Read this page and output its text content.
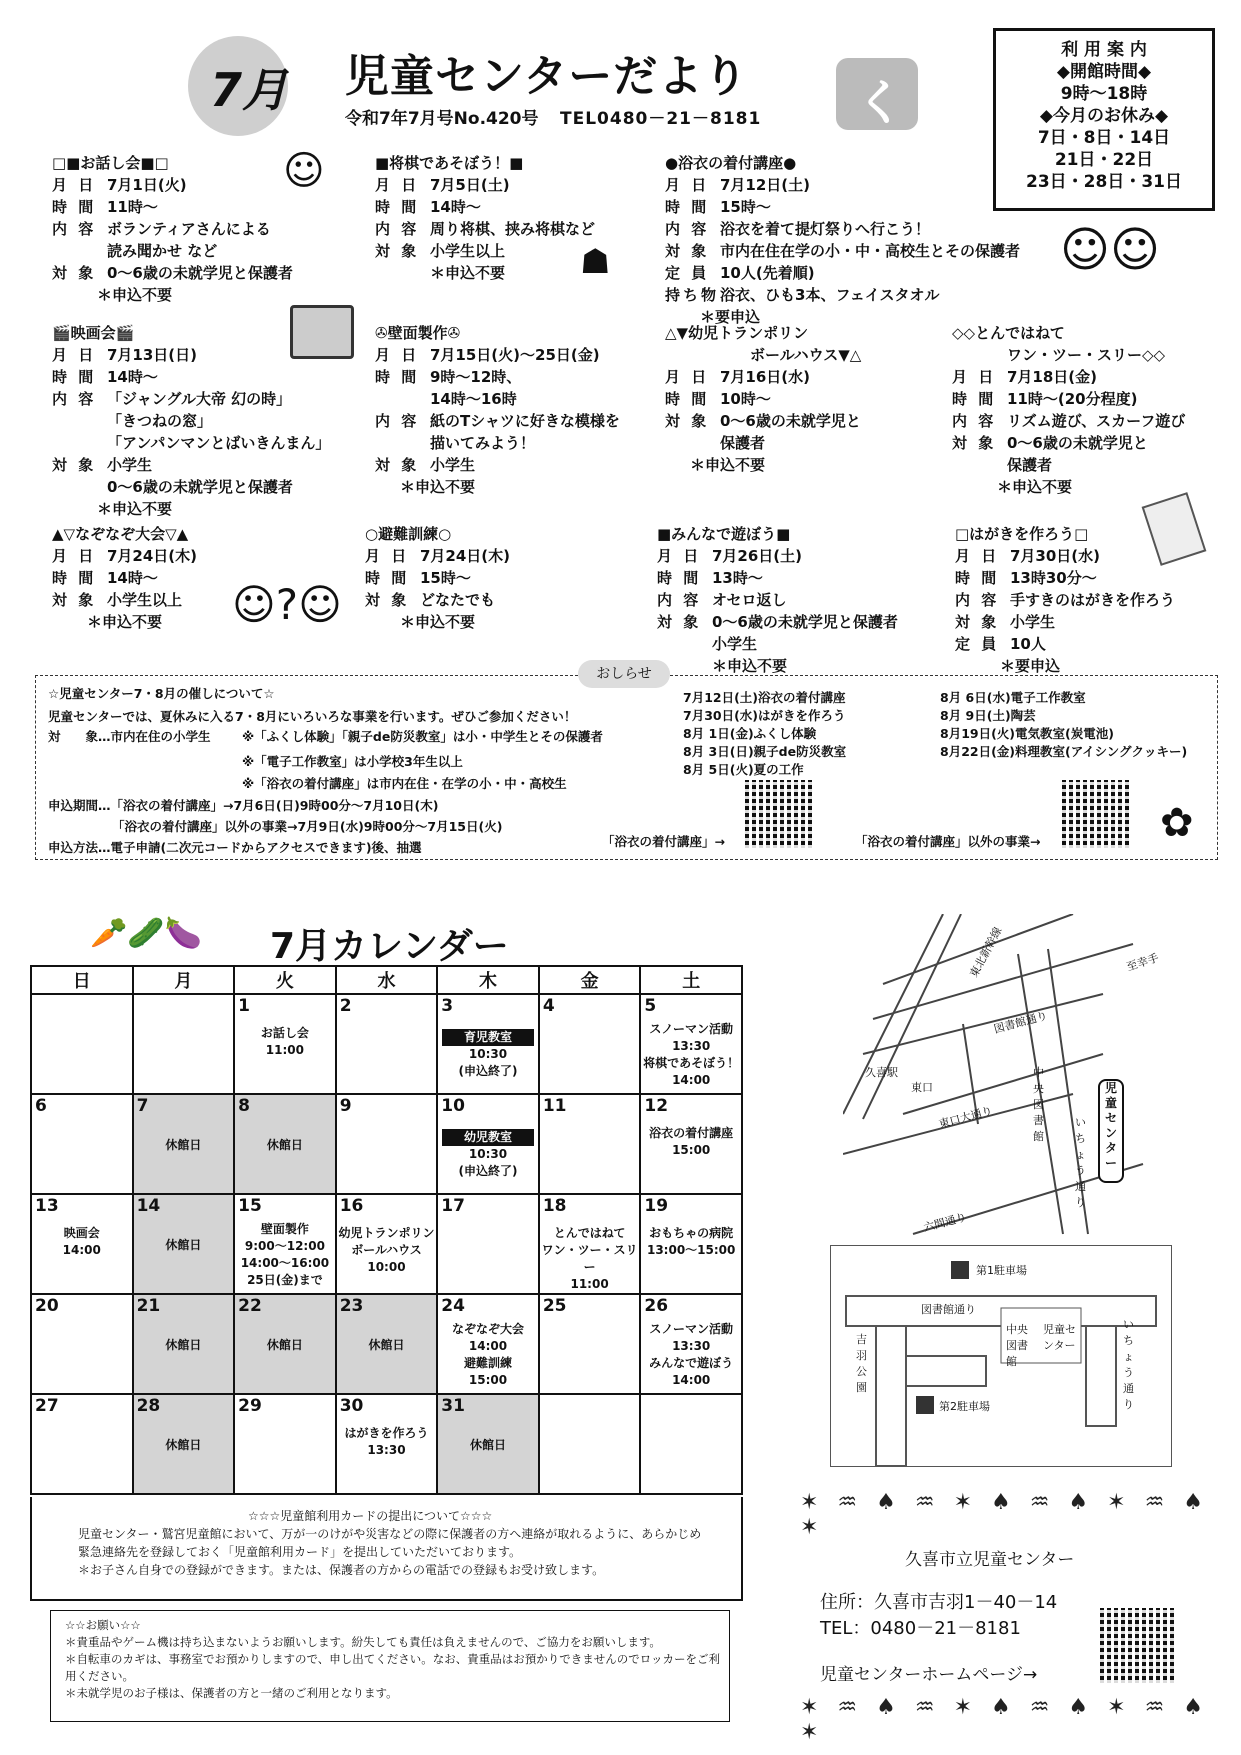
7月 児童センターだより
令和7年7月号No.420号 TEL0480－21－8181 く
利 用 案 内
◆開館時間◆
9時～18時
◆今月のお休み◆
7日・8日・14日
21日・22日
23日・28日・31日
□■お話し会■□
月 日 7月1日(火)
時 間 11時～
内 容 ボランティアさんによる
読み聞かせ など
対 象 0～6歳の未就学児と保護者
＊申込不要
☺	■将棋であそぼう！■
月 日 7月5日(土)
時 間 14時～
内 容 周り将棋、挟み将棋など
対 象 小学生以上
＊申込不要	☗
●浴衣の着付講座●
月 日 7月12日(土)
時 間 15時～
内 容 浴衣を着て提灯祭りへ行こう！
対 象 市内在住在学の小・中・高校生とその保護者
定 員 10人(先着順)
持ち物 浴衣、ひも3本、フェイスタオル
＊要申込
☺☺
🎬映画会🎬
月 日 7月13日(日)
時 間 14時～
内 容 「ジャングル大帝 幻の時」
「きつねの窓」
「アンパンマンとばいきんまん」
対 象 小学生
0～6歳の未就学児と保護者
＊申込不要
✇壁面製作✇
月 日 7月15日(火)～25日(金)
時 間 9時～12時、
14時～16時
内 容 紙のTシャツに好きな模様を
描いてみよう！
対 象 小学生
＊申込不要
△▼幼児トランポリン
ボールハウス▼△
月 日 7月16日(水)
時 間 10時～
対 象 0～6歳の未就学児と
保護者
＊申込不要
◇◇とんではねて
ワン・ツー・スリー◇◇
月 日 7月18日(金)
時 間 11時～(20分程度)
内 容 リズム遊び、スカーフ遊び
対 象 0～6歳の未就学児と
保護者
＊申込不要
▲▽なぞなぞ大会▽▲
月 日 7月24日(木)
時 間 14時～
対 象 小学生以上
＊申込不要	☺?☺
○避難訓練○
月 日 7月24日(木)
時 間 15時～
対 象 どなたでも
＊申込不要
■みんなで遊ぼう■
月 日 7月26日(土)
時 間 13時～
内 容 オセロ返し
対 象 0～6歳の未就学児と保護者
小学生
＊申込不要
□はがきを作ろう□
月 日 7月30日(水)
時 間 13時30分～
内 容 手すきのはがきを作ろう
対 象 小学生
定 員 10人
＊要申込
おしらせ
☆児童センター7・8月の催しについて☆
児童センターでは、夏休みに入る7・8月にいろいろな事業を行います。ぜひご参加ください！
対　　象…市内在住の小学生	※「ふくし体験」「親子de防災教室」は小・中学生とその保護者
※「電子工作教室」は小学校3年生以上
※「浴衣の着付講座」は市内在住・在学の小・中・高校生
申込期間…「浴衣の着付講座」→7月6日(日)9時00分～7月10日(木)
「浴衣の着付講座」以外の事業→7月9日(水)9時00分～7月15日(火)
申込方法…電子申請(二次元コードからアクセスできます)後、抽選
7月12日(土)浴衣の着付講座
7月30日(水)はがきを作ろう
8月 1日(金)ふくし体験
8月 3日(日)親子de防災教室
8月 5日(火)夏の工作
8月 6日(水)電子工作教室
8月 9日(土)陶芸
8月19日(火)電気教室(炭電池)
8月22日(金)料理教室(アイシングクッキー)
「浴衣の着付講座」→	「浴衣の着付講座」以外の事業→	✿
🥕🥒🍆 7月カレンダー
日	月	火	水	木	金	土

		1
お話し会
11:00	2	3
育児教室
10:30
(申込終了)	4	5
スノーマン活動
13:30
将棋であそぼう！
14:00

6	7
休館日	8
休館日	9	10
幼児教室
10:30
(申込終了)	11	12
浴衣の着付講座
15:00

13
映画会
14:00	14
休館日	15
壁面製作
9:00～12:00
14:00～16:00
25日(金)まで	16
幼児トランポリン
ボールハウス
10:00	17	18
とんではねて
ワン・ツー・スリー
11:00	19
おもちゃの病院
13:00～15:00

20	21
休館日	22
休館日	23
休館日	24
なぞなぞ大会
14:00
避難訓練
15:00	25	26
スノーマン活動
13:30
みんなで遊ぼう
14:00

27	28
休館日	29	30
はがきを作ろう
13:30	31
休館日		

☆☆☆児童館利用カードの提出について☆☆☆
児童センター・鷲宮児童館において、万が一のけがや災害などの際に保護者の方へ連絡が取れるように、あらかじめ
緊急連絡先を登録しておく「児童館利用カード」を提出していただいております。
＊お子さん自身での登録ができます。または、保護者の方からの電話での登録もお受け致します。
☆☆お願い☆☆
＊貴重品やゲーム機は持ち込まないようお願いします。紛失しても責任は負えませんので、ご協力をお願いします。
＊自転車のカギは、事務室でお預かりしますので、申し出てください。なお、貴重品はお預かりできませんのでロッカーをご利
用ください。
＊未就学児のお子様は、保護者の方と一緒のご利用となります。
東北新幹線
久喜駅
東口
図書館通り
至幸手
東口大通り
中央図書館
いちょう通り
六間通り
児童センター
第1駐車場
第2駐車場
図書館通り
吉羽公園
中央図書館
児童センター
いちょう通り
✶ ♒ ♠ ♒ ✶ ♠ ♒ ♠ ✶ ♒ ♠ ✶
久喜市立児童センター
住所：久喜市吉羽1－40－14
TEL：0480－21－8181
児童センターホームページ→
✶ ♒ ♠ ♒ ✶ ♠ ♒ ♠ ✶ ♒ ♠ ✶
